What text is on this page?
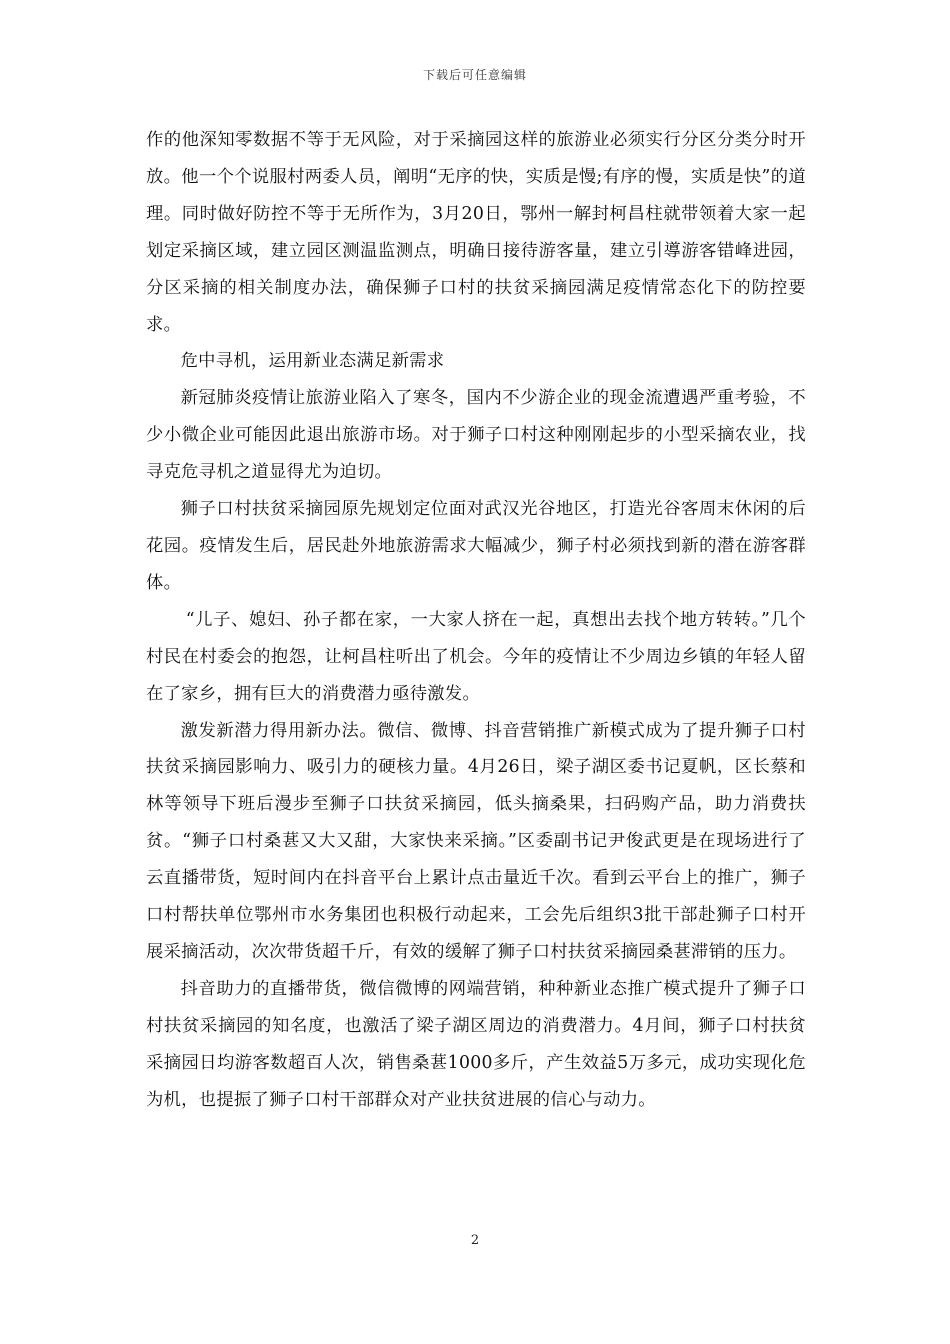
下载后可任意编辑

作的他深知零数据不等于无风险，对于采摘园这样的旅游业必须实行分区分类分时开放。他一个个说服村两委人员，阐明“无序的快，实质是慢;有序的慢，实质是快”的道理。同时做好防控不等于无所作为，3月20日，鄂州一解封柯昌柱就带领着大家一起划定采摘区域，建立园区测温监测点，明确日接待游客量，建立引導游客错峰进园，分区采摘的相关制度办法，确保狮子口村的扶贫采摘园满足疫情常态化下的防控要求。

危中寻机，运用新业态满足新需求

新冠肺炎疫情让旅游业陷入了寒冬，国内不少游企业的现金流遭遇严重考验，不少小微企业可能因此退出旅游市场。对于狮子口村这种刚刚起步的小型采摘农业，找寻克危寻机之道显得尤为迫切。

狮子口村扶贫采摘园原先规划定位面对武汉光谷地区，打造光谷客周末休闲的后花园。疫情发生后，居民赴外地旅游需求大幅减少，狮子村必须找到新的潜在游客群体。

“儿子、媳妇、孙子都在家，一大家人挤在一起，真想出去找个地方转转。”几个村民在村委会的抱怨，让柯昌柱听出了机会。今年的疫情让不少周边乡镇的年轻人留在了家乡，拥有巨大的消费潜力亟待激发。

激发新潜力得用新办法。微信、微博、抖音营销推广新模式成为了提升狮子口村扶贫采摘园影响力、吸引力的硬核力量。4月26日，梁子湖区委书记夏帆，区长蔡和林等领导下班后漫步至狮子口扶贫采摘园，低头摘桑果，扫码购产品，助力消费扶贫。“狮子口村桑葚又大又甜，大家快来采摘。”区委副书记尹俊武更是在现场进行了云直播带货，短时间内在抖音平台上累计点击量近千次。看到云平台上的推广，狮子口村帮扶单位鄂州市水务集团也积极行动起来，工会先后组织3批干部赴狮子口村开展采摘活动，次次带货超千斤，有效的缓解了狮子口村扶贫采摘园桑葚滞销的压力。

抖音助力的直播带货，微信微博的网端营销，种种新业态推广模式提升了狮子口村扶贫采摘园的知名度，也激活了梁子湖区周边的消费潜力。4月间，狮子口村扶贫采摘园日均游客数超百人次，销售桑葚1000多斤，产生效益5万多元，成功实现化危为机，也提振了狮子口村干部群众对产业扶贫进展的信心与动力。

2
